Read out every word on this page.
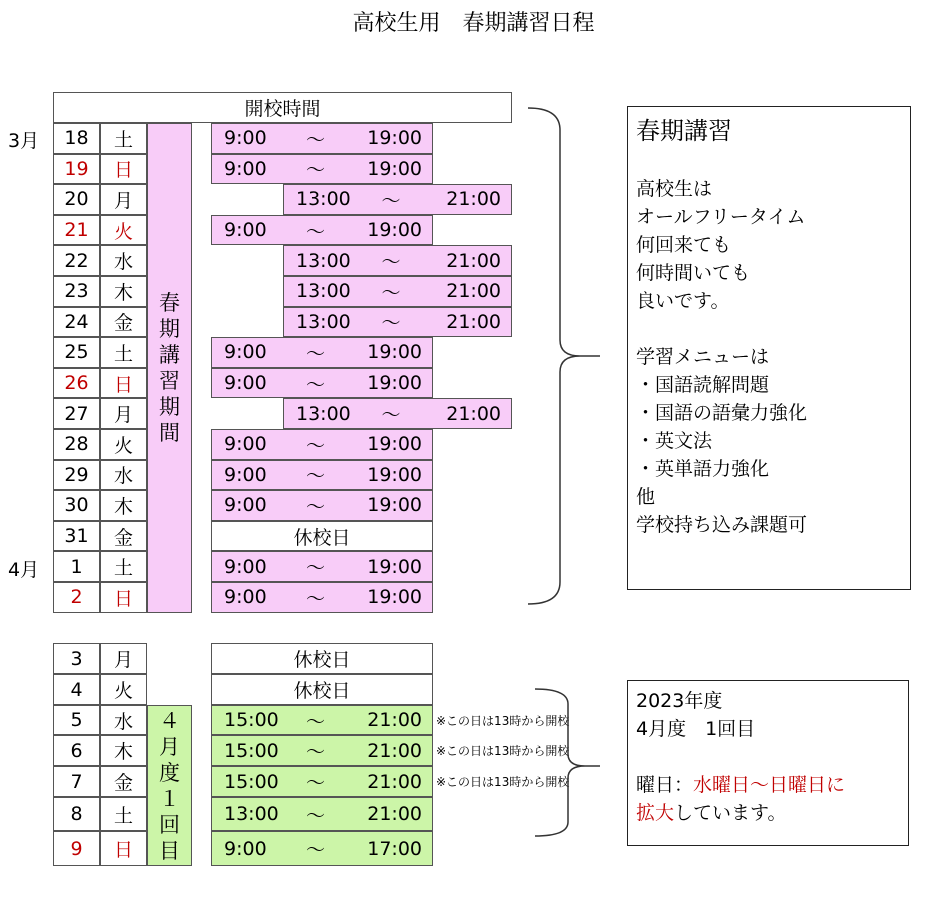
高校生用　春期講習日程
3月
4月
開校時間
18	土	9:00	〜	19:00
19	日	9:00	〜	19:00
20	月	13:00	〜	21:00
21	火	9:00	〜	19:00
22	水	13:00	〜	21:00
23	木	13:00	〜	21:00
24	金	13:00	〜	21:00
25	土	9:00	〜	19:00
26	日	9:00	〜	19:00
27	月	13:00	〜	21:00
28	火	9:00	〜	19:00
29	水	9:00	〜	19:00
30	木	9:00	〜	19:00
31	金	休校日
1	土	9:00	〜	19:00
2	日	9:00	〜	19:00
春
期
講
習
期
間
3	月	休校日
4	火	休校日
5	水	15:00	〜	21:00	※この日は13時から開校
6	木	15:00	〜	21:00	※この日は13時から開校
7	金	15:00	〜	21:00	※この日は13時から開校
8	土	13:00	〜	21:00
9	日	9:00	〜	17:00
４
月
度
１
回
目
春期講習
高校生は
オールフリータイム
何回来ても
何時間いても
良いです。
学習メニューは
・国語読解問題
・国語の語彙力強化
・英文法
・英単語力強化
他
学校持ち込み課題可
2023年度
4月度　1回目
曜日：水曜日〜日曜日に
拡大しています。
